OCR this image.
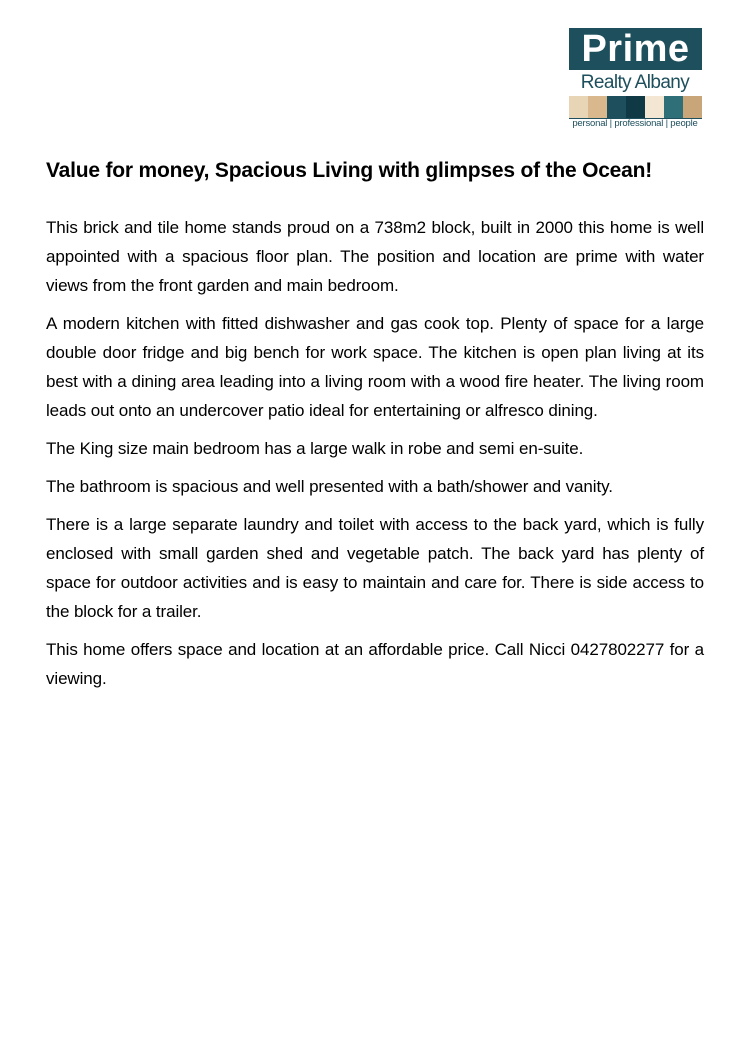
Prime
Realty Albany
personal | professional | people
Value for money, Spacious Living with glimpses of the Ocean!

This brick and tile home stands proud on a 738m2 block, built in 2000 this home is well appointed with a spacious floor plan. The position and location are prime with water views from the front garden and main bedroom.

A modern kitchen with fitted dishwasher and gas cook top. Plenty of space for a large double door fridge and big bench for work space. The kitchen is open plan living at its best with a dining area leading into a living room with a wood fire heater. The living room leads out onto an undercover patio ideal for entertaining or alfresco dining.

The King size main bedroom has a large walk in robe and semi en-suite.

The bathroom is spacious and well presented with a bath/shower and vanity.

There is a large separate laundry and toilet with access to the back yard, which is fully enclosed with small garden shed and vegetable patch. The back yard has plenty of space for outdoor activities and is easy to maintain and care for. There is side access to the block for a trailer.

This home offers space and location at an affordable price. Call Nicci 0427802277 for a viewing.
